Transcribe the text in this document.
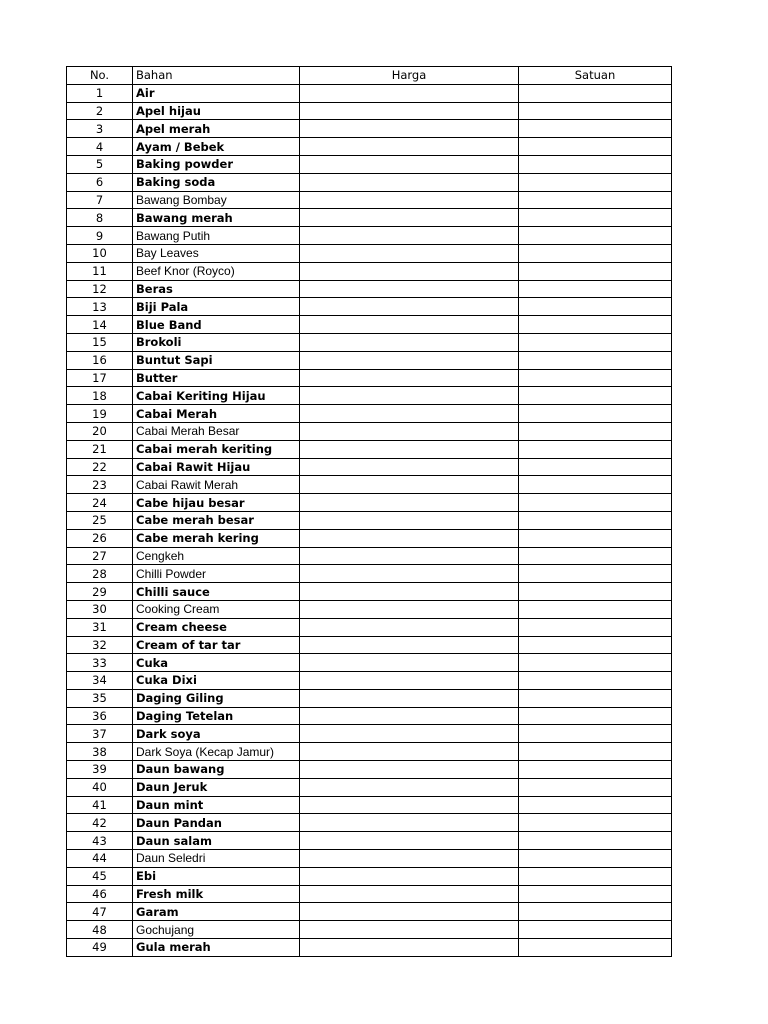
No.	Bahan	Harga	Satuan
1	Air		
2	Apel hijau		
3	Apel merah		
4	Ayam / Bebek		
5	Baking powder		
6	Baking soda		
7	Bawang Bombay		
8	Bawang merah		
9	Bawang Putih		
10	Bay Leaves		
11	Beef Knor (Royco)		
12	Beras		
13	Biji Pala		
14	Blue Band		
15	Brokoli		
16	Buntut Sapi		
17	Butter		
18	Cabai Keriting Hijau		
19	Cabai Merah		
20	Cabai Merah Besar		
21	Cabai merah keriting		
22	Cabai Rawit Hijau		
23	Cabai Rawit Merah		
24	Cabe hijau besar		
25	Cabe merah besar		
26	Cabe merah kering		
27	Cengkeh		
28	Chilli Powder		
29	Chilli sauce		
30	Cooking Cream		
31	Cream cheese		
32	Cream of tar tar		
33	Cuka		
34	Cuka Dixi		
35	Daging Giling		
36	Daging Tetelan		
37	Dark soya		
38	Dark Soya (Kecap Jamur)		
39	Daun bawang		
40	Daun Jeruk		
41	Daun mint		
42	Daun Pandan		
43	Daun salam		
44	Daun Seledri		
45	Ebi		
46	Fresh milk		
47	Garam		
48	Gochujang		
49	Gula merah		
